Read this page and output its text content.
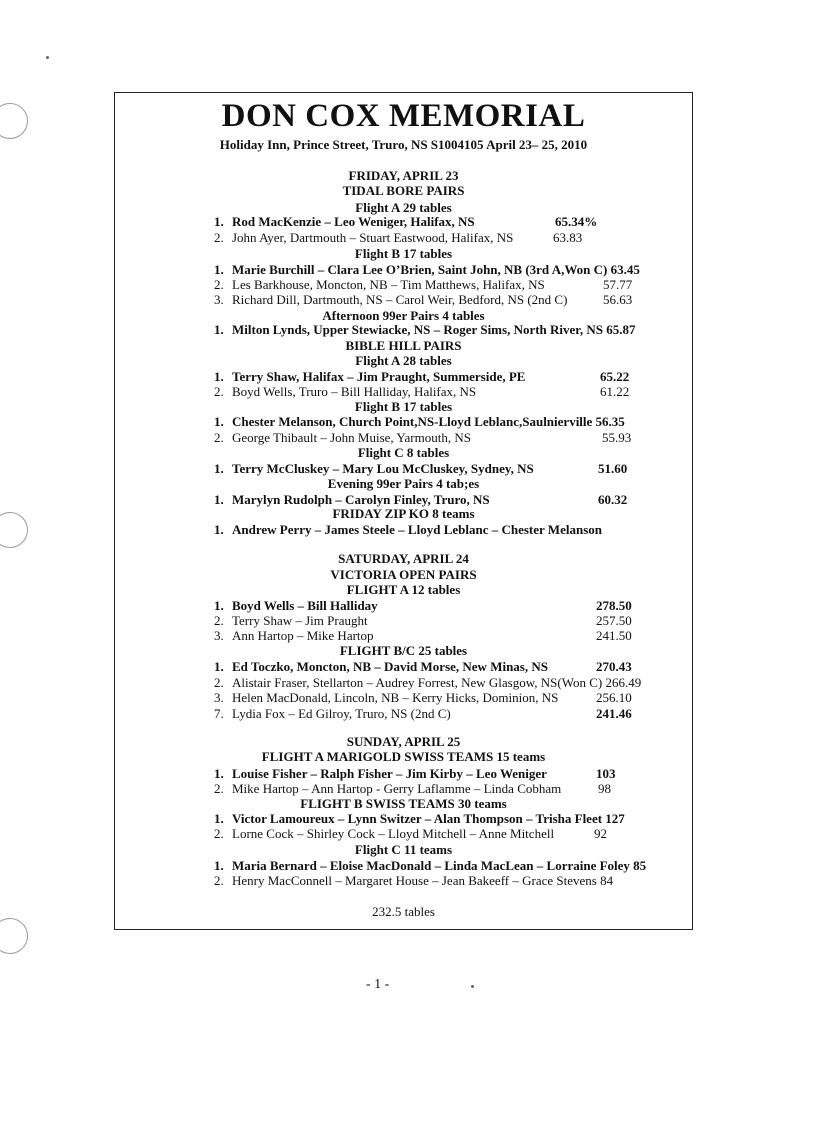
DON COX MEMORIAL
Holiday Inn, Prince Street, Truro, NS S1004105 April 23– 25, 2010
FRIDAY, APRIL 23
TIDAL BORE PAIRS
Flight A 29 tables
1. Rod MacKenzie – Leo Weniger, Halifax, NS	65.34%
2. John Ayer, Dartmouth – Stuart Eastwood, Halifax, NS	63.83
Flight B 17 tables
1. Marie Burchill – Clara Lee O’Brien, Saint John, NB (3rd A,Won C) 63.45
2. Les Barkhouse, Moncton, NB – Tim Matthews, Halifax, NS	57.77
3. Richard Dill, Dartmouth, NS – Carol Weir, Bedford, NS (2nd C)	56.63
Afternoon 99er Pairs 4 tables
1. Milton Lynds, Upper Stewiacke, NS – Roger Sims, North River, NS 65.87
BIBLE HILL PAIRS
Flight A 28 tables
1. Terry Shaw, Halifax – Jim Praught, Summerside, PE	65.22
2. Boyd Wells, Truro – Bill Halliday, Halifax, NS	61.22
Flight B 17 tables
1. Chester Melanson, Church Point,NS-Lloyd Leblanc,Saulnierville 56.35
2. George Thibault – John Muise, Yarmouth, NS	55.93
Flight C 8 tables
1. Terry McCluskey – Mary Lou McCluskey, Sydney, NS	51.60
Evening 99er Pairs 4 tab;es
1. Marylyn Rudolph – Carolyn Finley, Truro, NS	60.32
FRIDAY ZIP KO 8 teams
1. Andrew Perry – James Steele – Lloyd Leblanc – Chester Melanson
SATURDAY, APRIL 24
VICTORIA OPEN PAIRS
FLIGHT A 12 tables
1. Boyd Wells – Bill Halliday	278.50
2. Terry Shaw – Jim Praught	257.50
3. Ann Hartop – Mike Hartop	241.50
FLIGHT B/C 25 tables
1. Ed Toczko, Moncton, NB – David Morse, New Minas, NS	270.43
2. Alistair Fraser, Stellarton – Audrey Forrest, New Glasgow, NS(Won C) 266.49
3. Helen MacDonald, Lincoln, NB – Kerry Hicks, Dominion, NS	256.10
7. Lydia Fox – Ed Gilroy, Truro, NS (2nd C)	241.46
SUNDAY, APRIL 25
FLIGHT A MARIGOLD SWISS TEAMS 15 teams
1. Louise Fisher – Ralph Fisher – Jim Kirby – Leo Weniger	103
2. Mike Hartop – Ann Hartop - Gerry Laflamme – Linda Cobham	98
FLIGHT B SWISS TEAMS 30 teams
1. Victor Lamoureux – Lynn Switzer – Alan Thompson – Trisha Fleet 127
2. Lorne Cock – Shirley Cock – Lloyd Mitchell – Anne Mitchell	92
Flight C 11 teams
1. Maria Bernard – Eloise MacDonald – Linda MacLean – Lorraine Foley 85
2. Henry MacConnell – Margaret House – Jean Bakeeff – Grace Stevens 84
232.5 tables
- 1 -
